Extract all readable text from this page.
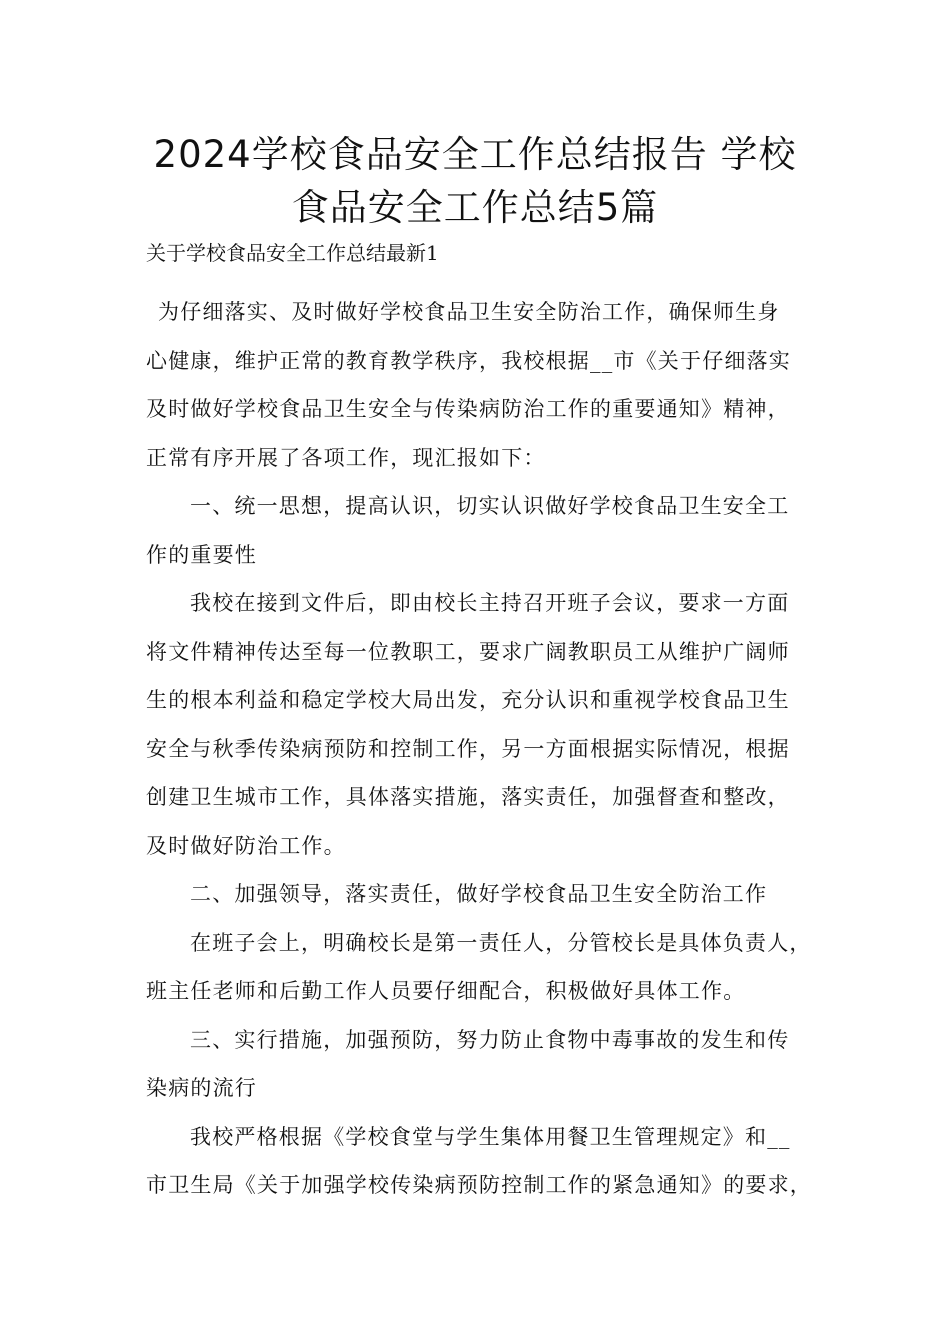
2024学校食品安全工作总结报告 学校
食品安全工作总结5篇
关于学校食品安全工作总结最新1

为仔细落实、及时做好学校食品卫生安全防治工作，确保师生身
心健康，维护正常的教育教学秩序，我校根据__市《关于仔细落实
及时做好学校食品卫生安全与传染病防治工作的重要通知》精神，
正常有序开展了各项工作，现汇报如下：

一、统一思想，提高认识，切实认识做好学校食品卫生安全工
作的重要性

我校在接到文件后，即由校长主持召开班子会议，要求一方面
将文件精神传达至每一位教职工，要求广阔教职员工从维护广阔师
生的根本利益和稳定学校大局出发，充分认识和重视学校食品卫生
安全与秋季传染病预防和控制工作，另一方面根据实际情况，根据
创建卫生城市工作，具体落实措施，落实责任，加强督查和整改，
及时做好防治工作。

二、加强领导，落实责任，做好学校食品卫生安全防治工作

在班子会上，明确校长是第一责任人，分管校长是具体负责人，
班主任老师和后勤工作人员要仔细配合，积极做好具体工作。

三、实行措施，加强预防，努力防止食物中毒事故的发生和传
染病的流行

我校严格根据《学校食堂与学生集体用餐卫生管理规定》和__
市卫生局《关于加强学校传染病预防控制工作的紧急通知》的要求，
